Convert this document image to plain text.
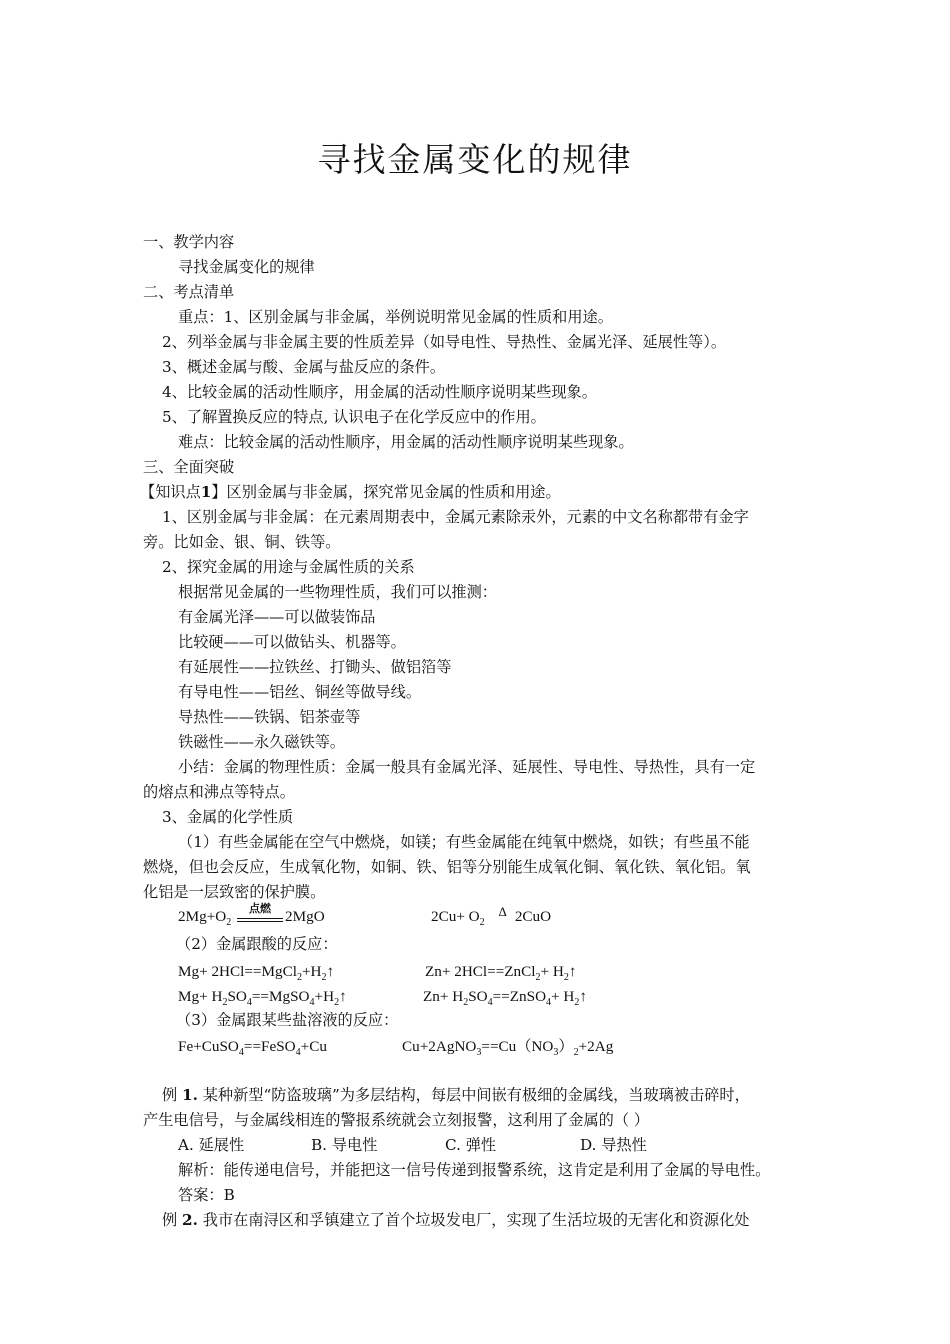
寻找金属变化的规律
一、教学内容
寻找金属变化的规律
二、考点清单
重点：1、区别金属与非金属，举例说明常见金属的性质和用途。
2、列举金属与非金属主要的性质差异（如导电性、导热性、金属光泽、延展性等）。
3、概述金属与酸、金属与盐反应的条件。
4、比较金属的活动性顺序，用金属的活动性顺序说明某些现象。
5、了解置换反应的特点, 认识电子在化学反应中的作用。
难点：比较金属的活动性顺序，用金属的活动性顺序说明某些现象。
三、全面突破
【知识点1】区别金属与非金属，探究常见金属的性质和用途。
1、区别金属与非金属：在元素周期表中，金属元素除汞外，元素的中文名称都带有金字
旁。比如金、银、铜、铁等。
2、探究金属的用途与金属性质的关系
根据常见金属的一些物理性质，我们可以推测：
有金属光泽——可以做装饰品
比较硬——可以做钻头、机器等。
有延展性——拉铁丝、打锄头、做铝箔等
有导电性——铝丝、铜丝等做导线。
导热性——铁锅、铝茶壶等
铁磁性——永久磁铁等。
小结：金属的物理性质：金属一般具有金属光泽、延展性、导电性、导热性，具有一定
的熔点和沸点等特点。
3、金属的化学性质
（1）有些金属能在空气中燃烧，如镁；有些金属能在纯氧中燃烧，如铁；有些虽不能
燃烧，但也会反应，生成氧化物，如铜、铁、铝等分别能生成氧化铜、氧化铁、氧化铝。氧
化铝是一层致密的保护膜。
$2Mg+O_2$
点燃 2MgO	$2Cu+ O_2$ Δ 2CuO
（2）金属跟酸的反应：
$Mg+ 2HCl==MgCl_2+H_2↑$	Zn+ 2HCl==ZnCl$_2$+ $H_2↑$
$Mg+ H_2SO_4==MgSO_4+H_2↑$	$Zn+ H_2SO_4==ZnSO_4+$ $H_2↑$
（3）金属跟某些盐溶液的反应：
Fe+CuSO$_4$==FeSO$_4$+Cu	$Cu+2AgNO_3==Cu(NO_3)_2+2Ag$
例 1. 某种新型“防盗玻璃”为多层结构，每层中间嵌有极细的金属线，当玻璃被击碎时，
产生电信号，与金属线相连的警报系统就会立刻报警，这利用了金属的（ ）
A. 延展性	B. 导电性	C. 弹性	D. 导热性
解析：能传递电信号，并能把这一信号传递到报警系统，这肯定是利用了金属的导电性。
答案：B
例 2. 我市在南浔区和孚镇建立了首个垃圾发电厂，实现了生活垃圾的无害化和资源化处
